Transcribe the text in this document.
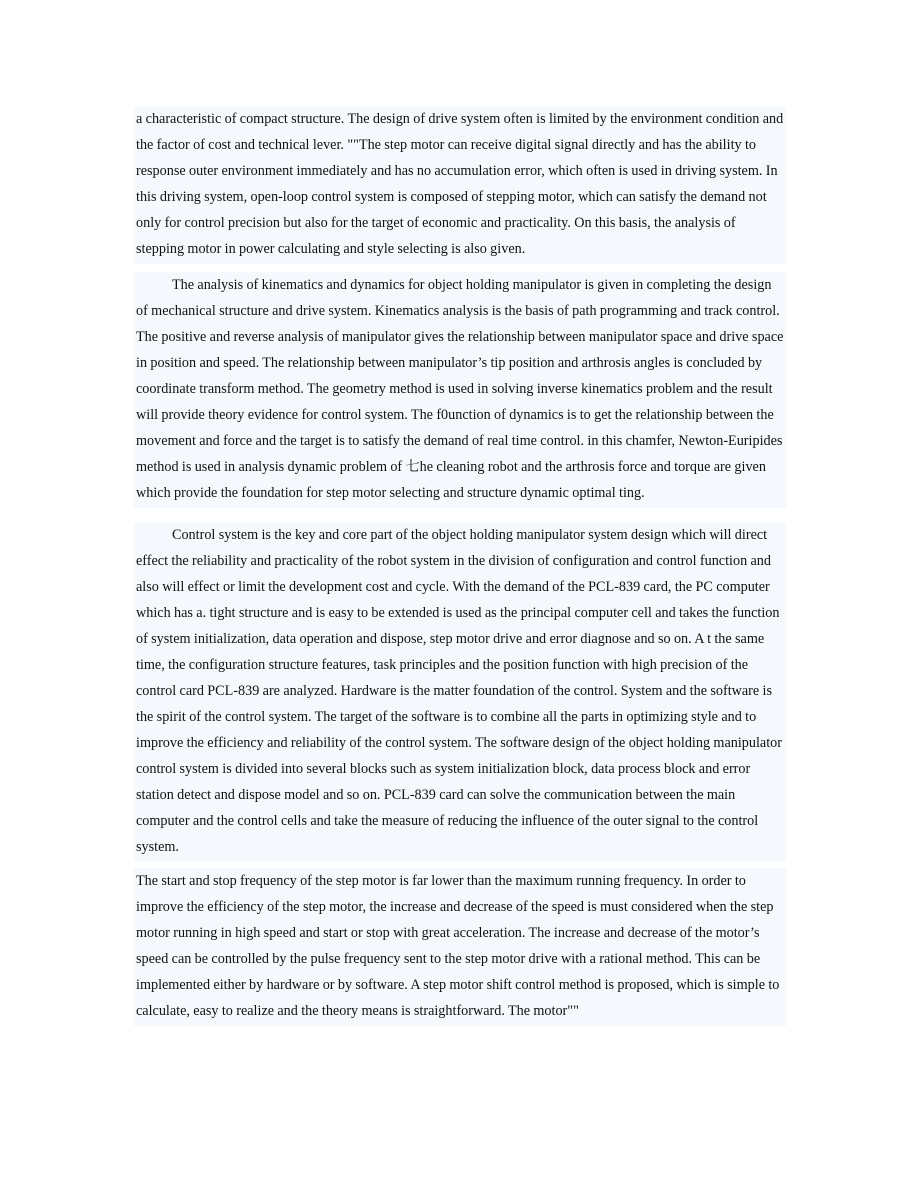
a characteristic of compact structure. The design of drive system often is limited by the environment condition and the factor of cost and technical lever. ""The step motor can receive digital signal directly and has the ability to response outer environment immediately and has no accumulation error, which often is used in driving system. In this driving system, open-loop control system is composed of stepping motor, which can satisfy the demand not only for control precision but also for the target of economic and practicality. On this basis, the analysis of stepping motor in power calculating and style selecting is also given.

The analysis of kinematics and dynamics for object holding manipulator is given in completing the design of mechanical structure and drive system. Kinematics analysis is the basis of path programming and track control. The positive and reverse analysis of manipulator gives the relationship between manipulator space and drive space in position and speed. The relationship between manipulator’s tip position and arthrosis angles is concluded by coordinate transform method. The geometry method is used in solving inverse kinematics problem and the result will provide theory evidence for control system. The f0unction of dynamics is to get the relationship between the movement and force and the target is to satisfy the demand of real time control. in this chamfer, Newton-Euripides method is used in analysis dynamic problem of 七he cleaning robot and the arthrosis force and torque are given which provide the foundation for step motor selecting and structure dynamic optimal ting.

Control system is the key and core part of the object holding manipulator system design which will direct effect the reliability and practicality of the robot system in the division of configuration and control function and also will effect or limit the development cost and cycle. With the demand of the PCL-839 card, the PC computer which has a. tight structure and is easy to be extended is used as the principal computer cell and takes the function of system initialization, data operation and dispose, step motor drive and error diagnose and so on. A t the same time, the configuration structure features, task principles and the position function with high precision of the control card PCL-839 are analyzed. Hardware is the matter foundation of the control. System and the software is the spirit of the control system. The target of the software is to combine all the parts in optimizing style and to improve the efficiency and reliability of the control system. The software design of the object holding manipulator control system is divided into several blocks such as system initialization block, data process block and error station detect and dispose model and so on. PCL-839 card can solve the communication between the main computer and the control cells and take the measure of reducing the influence of the outer signal to the control system.

The start and stop frequency of the step motor is far lower than the maximum running frequency. In order to improve the efficiency of the step motor, the increase and decrease of the speed is must considered when the step motor running in high speed and start or stop with great acceleration. The increase and decrease of the motor’s speed can be controlled by the pulse frequency sent to the step motor drive with a rational method. This can be implemented either by hardware or by software. A step motor shift control method is proposed, which is simple to calculate, easy to realize and the theory means is straightforward. The motor""
